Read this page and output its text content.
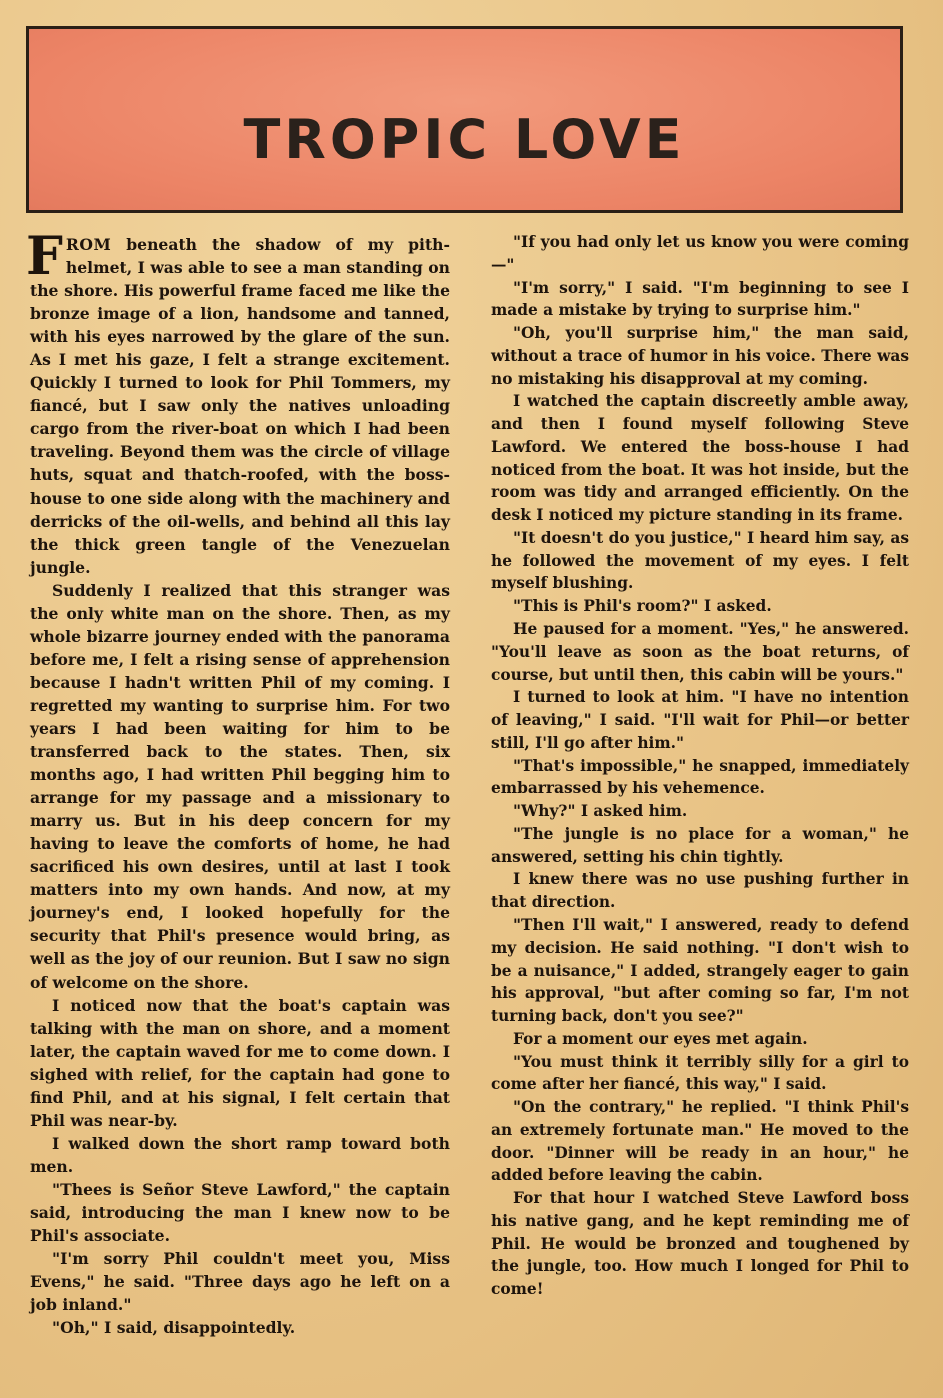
TROPIC LOVE

FROM beneath the shadow of my pith-helmet, I was able to see a man standing on the shore. His powerful frame faced me like the bronze image of a lion, handsome and tanned, with his eyes narrowed by the glare of the sun. As I met his gaze, I felt a strange excitement. Quickly I turned to look for Phil Tommers, my fiancé, but I saw only the natives unloading cargo from the river-boat on which I had been traveling. Beyond them was the circle of village huts, squat and thatch-roofed, with the boss-house to one side along with the machinery and derricks of the oil-wells, and behind all this lay the thick green tangle of the Venezuelan jungle.

Suddenly I realized that this stranger was the only white man on the shore. Then, as my whole bizarre journey ended with the panorama before me, I felt a rising sense of apprehension because I hadn't written Phil of my coming. I regretted my wanting to surprise him. For two years I had been waiting for him to be transferred back to the states. Then, six months ago, I had written Phil begging him to arrange for my passage and a missionary to marry us. But in his deep concern for my having to leave the comforts of home, he had sacrificed his own desires, until at last I took matters into my own hands. And now, at my journey's end, I looked hopefully for the security that Phil's presence would bring, as well as the joy of our reunion. But I saw no sign of welcome on the shore.

I noticed now that the boat's captain was talking with the man on shore, and a moment later, the captain waved for me to come down. I sighed with relief, for the captain had gone to find Phil, and at his signal, I felt certain that Phil was near-by.

I walked down the short ramp toward both men.

"Thees is Señor Steve Lawford," the captain said, introducing the man I knew now to be Phil's associate.

"I'm sorry Phil couldn't meet you, Miss Evens," he said. "Three days ago he left on a job inland."

"Oh," I said, disappointedly.

"If you had only let us know you were coming—"

"I'm sorry," I said. "I'm beginning to see I made a mistake by trying to surprise him."

"Oh, you'll surprise him," the man said, without a trace of humor in his voice. There was no mistaking his disapproval at my coming.

I watched the captain discreetly amble away, and then I found myself following Steve Lawford. We entered the boss-house I had noticed from the boat. It was hot inside, but the room was tidy and arranged efficiently. On the desk I noticed my picture standing in its frame.

"It doesn't do you justice," I heard him say, as he followed the movement of my eyes. I felt myself blushing.

"This is Phil's room?" I asked.

He paused for a moment. "Yes," he answered. "You'll leave as soon as the boat returns, of course, but until then, this cabin will be yours."

I turned to look at him. "I have no intention of leaving," I said. "I'll wait for Phil—or better still, I'll go after him."

"That's impossible," he snapped, immediately embarrassed by his vehemence.

"Why?" I asked him.

"The jungle is no place for a woman," he answered, setting his chin tightly.

I knew there was no use pushing further in that direction.

"Then I'll wait," I answered, ready to defend my decision. He said nothing. "I don't wish to be a nuisance," I added, strangely eager to gain his approval, "but after coming so far, I'm not turning back, don't you see?"

For a moment our eyes met again.

"You must think it terribly silly for a girl to come after her fiancé, this way," I said.

"On the contrary," he replied. "I think Phil's an extremely fortunate man." He moved to the door. "Dinner will be ready in an hour," he added before leaving the cabin.

For that hour I watched Steve Lawford boss his native gang, and he kept reminding me of Phil. He would be bronzed and toughened by the jungle, too. How much I longed for Phil to come!
